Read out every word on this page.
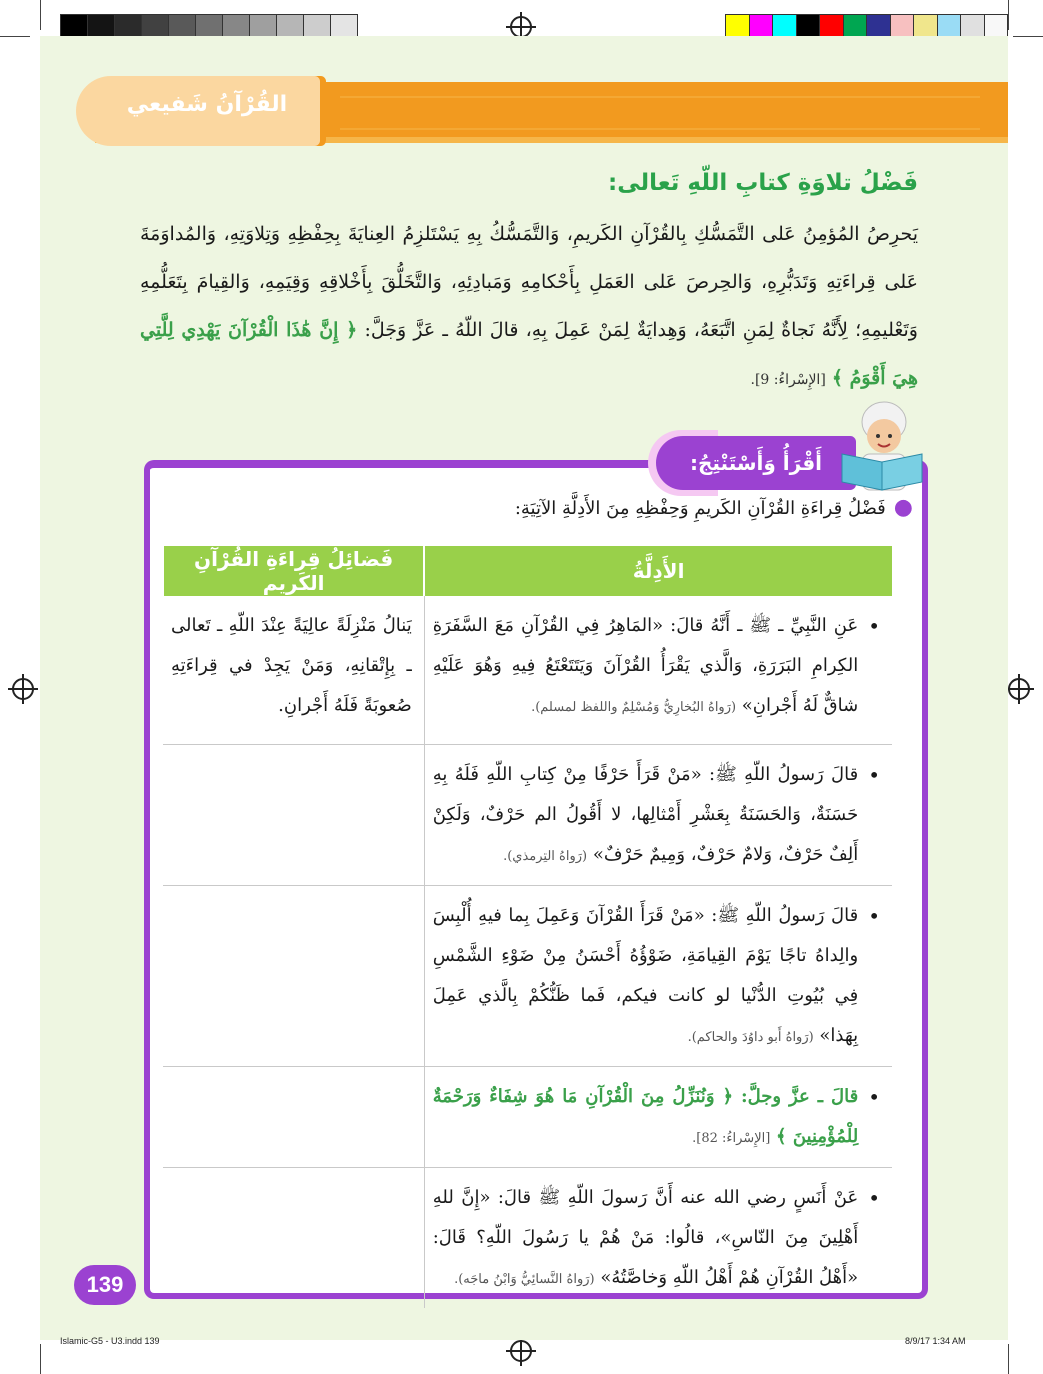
القُرْآنُ شَفيعي
فَضْلُ تلاوَةِ كتابِ اللّهِ تَعالى:
يَحرِصُ المُؤمِنُ عَلى التَّمَسُّكِ بِالقُرْآنِ الكَريمِ، وَالتَّمَسُّكُ بِهِ يَسْتَلزِمُ العِنايَةَ بِحِفْظِهِ وَتِلاوَتِهِ، وَالمُداوَمَةَ عَلى قِراءَتِهِ وَتَدَبُّرِهِ، وَالحِرصَ عَلى العَمَلِ بِأَحْكامِهِ وَمَبادِئِهِ، وَالتَّخَلُّقَ بِأَخْلاقِهِ وَقِيَمِهِ، وَالقِيامَ بِتَعَلُّمِهِ وَتَعْليمِهِ؛ لِأَنَّهُ نَجاةٌ لِمَنِ اتَّبَعَهُ، وَهِدايَةٌ لِمَنْ عَمِلَ بِهِ، قالَ اللّهُ ـ عَزَّ وَجَلَّ: ﴿ إِنَّ هَٰذَا الْقُرْآنَ يَهْدِي لِلَّتِي هِيَ أَقْوَمُ ﴾ [الإِسْراءُ: 9].
أَقْرَأُ وَأَسْتَنْتِجُ:
●فَضْلُ قِراءَةِ القُرْآنِ الكَريمِ وَحِفْظِهِ مِنَ الأَدِلَّةِ الآتِيَةِ:
الأَدِلَّةُ	فَضائِلُ قِراءَةِ القُرْآنِ الكَريمِ

•
عَنِ النَّبِيِّ ـ ﷺ ـ أَنَّهُ قالَ: «المَاهِرُ فِي القُرْآنِ مَعَ السَّفَرَةِ الكِرامِ البَرَرَةِ، وَالَّذي يَقْرَأُ القُرْآنَ وَيَتَتَعْتَعُ فِيهِ وَهُوَ عَلَيْهِ شاقٌّ لَهُ أَجْرانِ» (رَواهُ البُخارِيُّ وَمُسْلِمٌ واللفظ لمسلم).	يَنالُ مَنْزِلَةً عالِيَةً عِنْدَ اللّهِ ـ تَعالى ـ بِإِتْقانِهِ، وَمَنْ يَجِدْ في قِراءَتِهِ صُعوبَةً فَلَهُ أَجْرانِ.

•
قالَ رَسولُ اللّهِ ﷺ: «مَنْ قَرَأَ حَرْفًا مِنْ كِتابِ اللّهِ فَلَهُ بِهِ حَسَنَةٌ، وَالحَسَنَةُ بِعَشْرِ أَمْثالِها، لا أَقُولُ الم حَرْفٌ، وَلَكِنْ أَلِفٌ حَرْفٌ، وَلامٌ حَرْفٌ، وَمِيمٌ حَرْفٌ» (رَواهُ التِرمذي).	

•
قالَ رَسولُ اللّهِ ﷺ: «مَنْ قَرَأَ القُرْآنَ وَعَمِلَ بِما فيهِ أُلْبِسَ والِداهُ تاجًا يَوْمَ القِيامَةِ، ضَوْؤُهُ أَحْسَنُ مِنْ ضَوْءِ الشَّمْسِ فِي بُيُوتِ الدُّنْيا لو كانت فيكم، فَما ظَنُّكُمْ بِالَّذي عَمِلَ بِهَذا» (رَواهُ أَبو داوُدَ والحاكم).	

•
قالَ ـ عزَّ وجلَّ: ﴿ وَنُنَزِّلُ مِنَ الْقُرْآنِ مَا هُوَ شِفَاءٌ وَرَحْمَةٌ لِلْمُؤْمِنِينَ ﴾ [الإِسْراءُ: 82].	

•
عَنْ أَنَسٍ رضي الله عنه أَنَّ رَسولَ اللّهِ ﷺ قالَ: «إِنَّ للهِ أَهْلِينَ مِنَ النّاسِ»، قالُوا: مَنْ هُمْ يا رَسُولَ اللّهِ؟ قَالَ: «أَهْلُ القُرْآنِ هُمْ أَهْلُ اللّهِ وَخاصَّتُهُ» (رَواهُ النَّسائِيُّ وَابْنُ ماجَه).	

139
Islamic-G5 - U3.indd 139	8/9/17 1:34 AM
